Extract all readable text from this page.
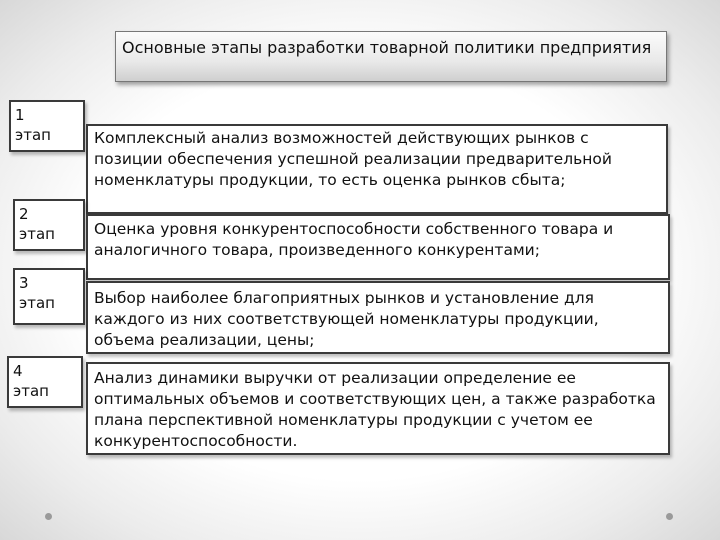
Основные этапы разработки товарной политики предприятия
1
этап	Комплексный анализ возможностей действующих рынков с позиции обеспечения успешной реализации предварительной номенклатуры продукции, то есть оценка рынков сбыта;
2
этап	Оценка уровня конкурентоспособности собственного товара и аналогичного товара, произведенного конкурентами;
3
этап	Выбор наиболее благоприятных рынков и установление для каждого из них соответствующей номенклатуры продукции, объема реализации, цены;
4
этап
Анализ динамики выручки от реализации определение ее оптимальных объемов и соответствующих цен, а также разработка плана перспективной номенклатуры продукции с учетом ее конкурентоспособности.
